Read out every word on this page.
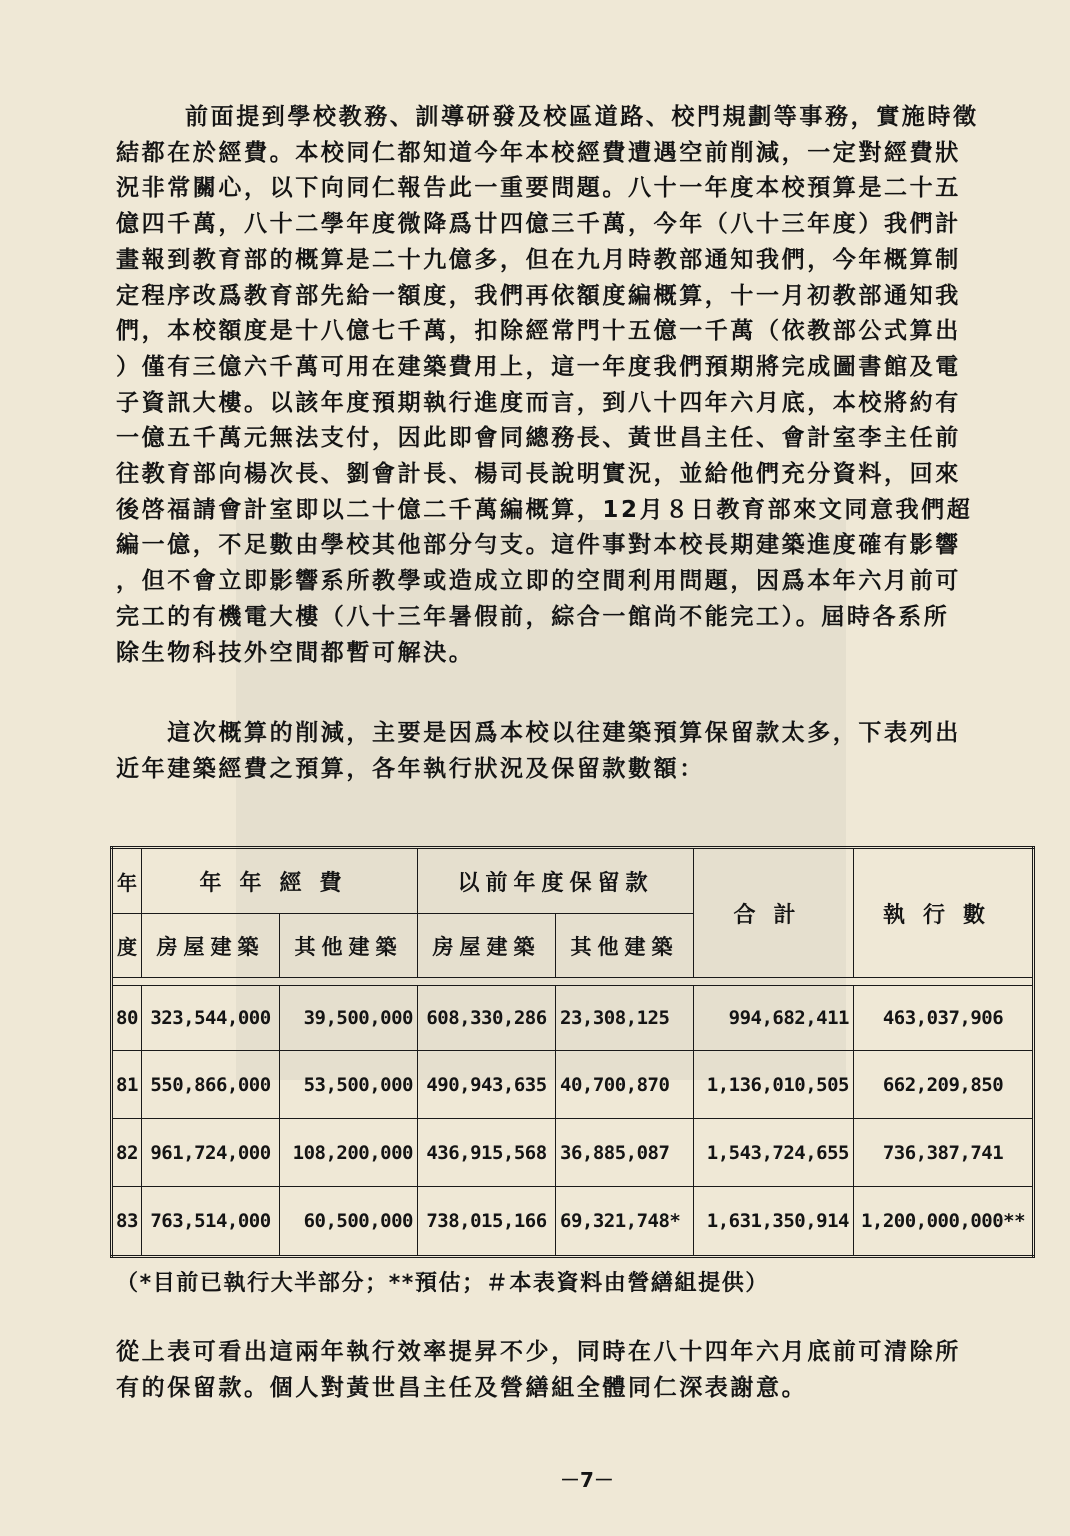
前面提到學校教務、訓導研發及校區道路、校門規劃等事務，實施時徵
結都在於經費。本校同仁都知道今年本校經費遭遇空前削減，一定對經費狀
況非常關心，以下向同仁報告此一重要問題。八十一年度本校預算是二十五
億四千萬，八十二學年度微降爲廿四億三千萬，今年（八十三年度）我們計
畫報到教育部的概算是二十九億多，但在九月時教部通知我們，今年概算制
定程序改爲教育部先給一額度，我們再依額度編概算，十一月初教部通知我
們，本校額度是十八億七千萬，扣除經常門十五億一千萬（依教部公式算出
）僅有三億六千萬可用在建築費用上，這一年度我們預期將完成圖書館及電
子資訊大樓。以該年度預期執行進度而言，到八十四年六月底，本校將約有
一億五千萬元無法支付，因此即會同總務長、黃世昌主任、會計室李主任前
往教育部向楊次長、劉會計長、楊司長說明實況，並給他們充分資料，回來
後啓福請會計室即以二十億二千萬編概算，12月８日教育部來文同意我們超
編一億，不足數由學校其他部分勻支。這件事對本校長期建築進度確有影響
，但不會立即影響系所教學或造成立即的空間利用問題，因爲本年六月前可
完工的有機電大樓（八十三年暑假前，綜合一館尚不能完工）。屆時各系所
除生物科技外空間都暫可解決。
　　這次概算的削減，主要是因爲本校以往建築預算保留款太多，下表列出
近年建築經費之預算，各年執行狀況及保留款數額：
年	年年經費		以前年度保留款		合計	執行數
度	房屋建築	其他建築	房屋建築	其他建築		

80	323,544,000	39,500,000	608,330,286	23,308,125	994,682,411	463,037,906
81	550,866,000	53,500,000	490,943,635	40,700,870	1,136,010,505	662,209,850
82	961,724,000	108,200,000	436,915,568	36,885,087	1,543,724,655	736,387,741
83	763,514,000	60,500,000	738,015,166	69,321,748*	1,631,350,914	1,200,000,000**
（*目前已執行大半部分；**預估；＃本表資料由營繕組提供）
從上表可看出這兩年執行效率提昇不少，同時在八十四年六月底前可清除所
有的保留款。個人對黃世昌主任及營繕組全體同仁深表謝意。
－7－
